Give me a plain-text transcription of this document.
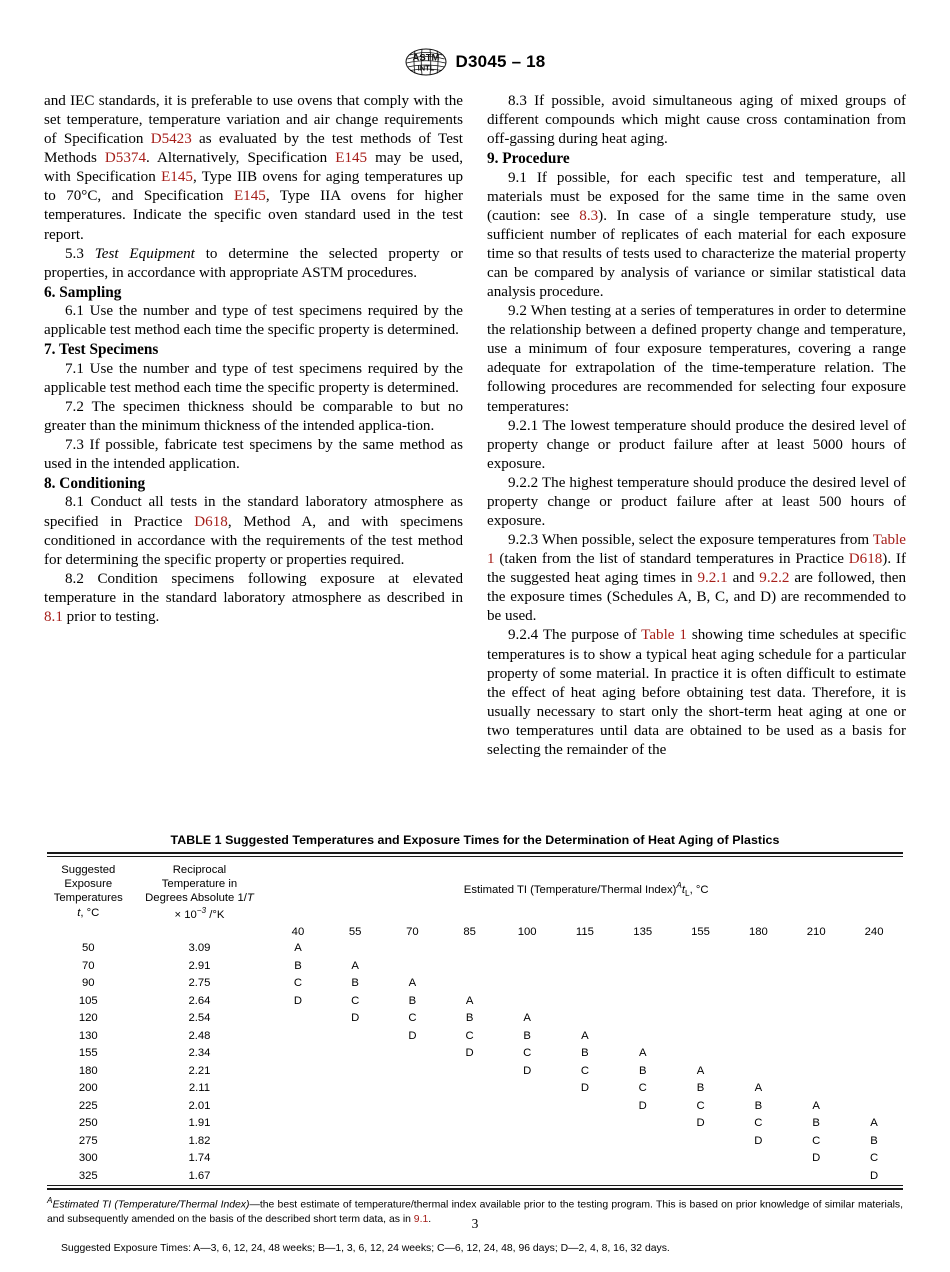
ASTM
INTL D3045 – 18

and IEC standards, it is preferable to use ovens that comply with the set temperature, temperature variation and air change requirements of Specification D5423 as evaluated by the test methods of Test Methods D5374. Alternatively, Specification E145 may be used, with Specification E145, Type IIB ovens for aging temperatures up to 70°C, and Specification E145, Type IIA ovens for higher temperatures. Indicate the specific oven standard used in the test report.

5.3 Test Equipment to determine the selected property or properties, in accordance with appropriate ASTM procedures.

6. Sampling

6.1 Use the number and type of test specimens required by the applicable test method each time the specific property is determined.

7. Test Specimens

7.1 Use the number and type of test specimens required by the applicable test method each time the specific property is determined.

7.2 The specimen thickness should be comparable to but no greater than the minimum thickness of the intended applica-tion.

7.3 If possible, fabricate test specimens by the same method as used in the intended application.

8. Conditioning

8.1 Conduct all tests in the standard laboratory atmosphere as specified in Practice D618, Method A, and with specimens conditioned in accordance with the requirements of the test method for determining the specific property or properties required.

8.2 Condition specimens following exposure at elevated temperature in the standard laboratory atmosphere as described in 8.1 prior to testing.

8.3 If possible, avoid simultaneous aging of mixed groups of different compounds which might cause cross contamination from off-gassing during heat aging.

9. Procedure

9.1 If possible, for each specific test and temperature, all materials must be exposed for the same time in the same oven (caution: see 8.3). In case of a single temperature study, use sufficient number of replicates of each material for each exposure time so that results of tests used to characterize the material property can be compared by analysis of variance or similar statistical data analysis procedure.

9.2 When testing at a series of temperatures in order to determine the relationship between a defined property change and temperature, use a minimum of four exposure temperatures, covering a range adequate for extrapolation of the time-temperature relation. The following procedures are recommended for selecting four exposure temperatures:

9.2.1 The lowest temperature should produce the desired level of property change or product failure after at least 5000 hours of exposure.

9.2.2 The highest temperature should produce the desired level of property change or product failure after at least 500 hours of exposure.

9.2.3 When possible, select the exposure temperatures from Table 1 (taken from the list of standard temperatures in Practice D618). If the suggested heat aging times in 9.2.1 and 9.2.2 are followed, then the exposure times (Schedules A, B, C, and D) are recommended to be used.

9.2.4 The purpose of Table 1 showing time schedules at specific temperatures is to show a typical heat aging schedule for a particular property of some material. In practice it is often difficult to estimate the effect of heat aging before obtaining test data. Therefore, it is usually necessary to start only the short-term heat aging at one or two temperatures until data are obtained to be used as a basis for selecting the remainder of the

TABLE 1 Suggested Temperatures and Exposure Times for the Determination of Heat Aging of Plastics
Suggested
Exposure
Temperatures
t, °C

Reciprocal
Temperature in
Degrees Absolute 1/T
× 10$^{-3}$ /°K
	Estimated TI (Temperature/Thermal $Index)^At_L$, °C
		40	55	70	85	100	115	135	155	180	210	240
50	3.09	A										
70	2.91	B	A									
90	2.75	C	B	A								
105	2.64	D	C	B	A							
120	2.54		D	C	B	A						
130	2.48			D	C	B	A					
155	2.34				D	C	B	A				
180	2.21					D	C	B	A			
200	2.11						D	C	B	A		
225	2.01							D	C	B	A	
250	1.91								D	C	B	A
275	1.82									D	C	B
300	1.74										D	C
325	1.67											D

$^A$Estimated TI (Temperature/Thermal Index)—the best estimate of temperature/thermal index available prior to the testing program. This is based on prior knowledge of similar materials, and subsequently amended on the basis of the described short term data, as in 9.1.

Suggested Exposure Times: A—3, 6, 12, 24, 48 weeks; B—1, 3, 6, 12, 24 weeks; C—6, 12, 24, 48, 96 days; D—2, 4, 8, 16, 32 days.

3
